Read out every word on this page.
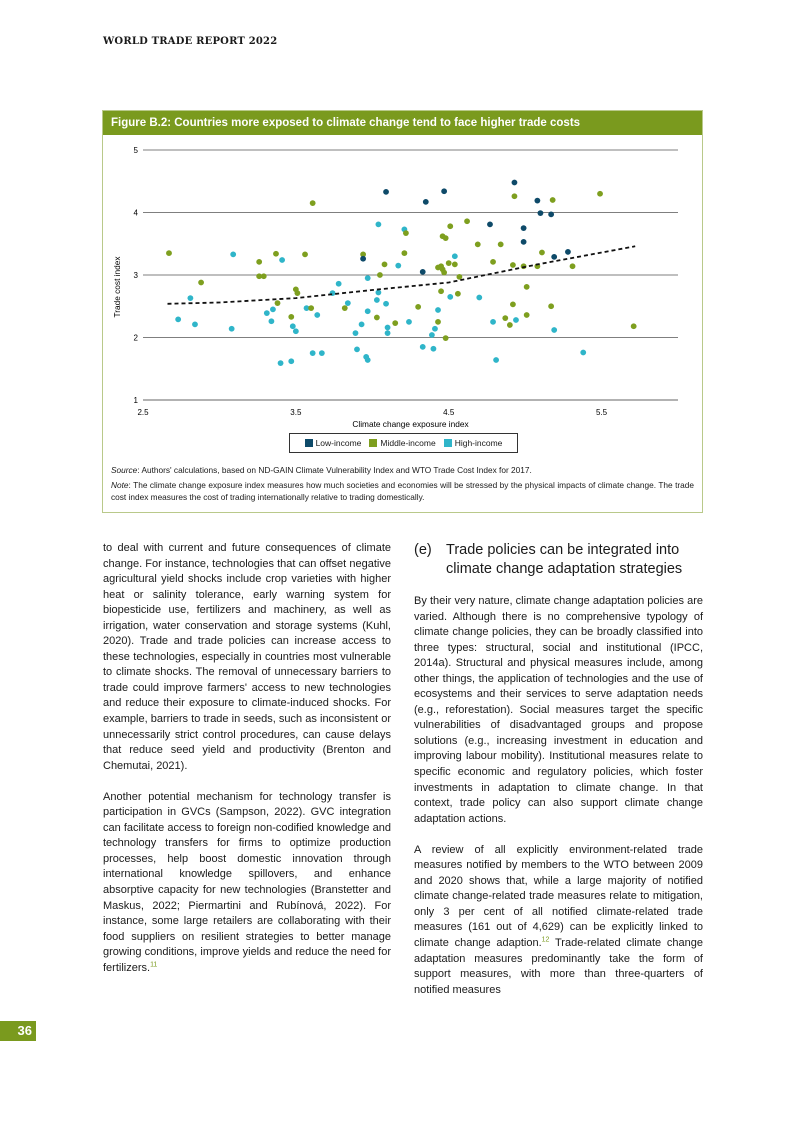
WORLD TRADE REPORT 2022
Figure B.2: Countries more exposed to climate change tend to face higher trade costs
1
2
3
4
5
2.5	3.5	4.5	5.5
Climate change exposure index
Trade cost index
Low-income Middle-income High-income

Source: Authors' calculations, based on ND-GAIN Climate Vulnerability Index and WTO Trade Cost Index for 2017.

Note: The climate change exposure index measures how much societies and economies will be stressed by the physical impacts of climate change. The trade cost index measures the cost of trading internationally relative to trading domestically.

to deal with current and future consequences of climate change. For instance, technologies that can offset negative agricultural yield shocks include crop varieties with higher heat or salinity tolerance, early warning system for biopesticide use, fertilizers and machinery, as well as irrigation, water conservation and storage systems (Kuhl, 2020). Trade and trade policies can increase access to these technologies, especially in countries most vulnerable to climate shocks. The removal of unnecessary barriers to trade could improve farmers' access to new technologies and reduce their exposure to climate-induced shocks. For example, barriers to trade in seeds, such as inconsistent or unnecessarily strict control procedures, can cause delays that reduce seed yield and productivity (Brenton and Chemutai, 2021).

Another potential mechanism for technology transfer is participation in GVCs (Sampson, 2022). GVC integration can facilitate access to foreign non-codified knowledge and technology transfers for firms to optimize production processes, help boost domestic innovation through international knowledge spillovers, and enhance absorptive capacity for new technologies (Branstetter and Maskus, 2022; Piermartini and Rubínová, 2022). For instance, some large retailers are collaborating with their food suppliers on resilient strategies to better manage growing conditions, improve yields and reduce the need for fertilizers.$^{11}$

(e) Trade policies can be integrated into climate change adaptation strategies

By their very nature, climate change adaptation policies are varied. Although there is no comprehensive typology of climate change policies, they can be broadly classified into three types: structural, social and institutional (IPCC, 2014a). Structural and physical measures include, among other things, the application of technologies and the use of ecosystems and their services to serve adaptation needs (e.g., reforestation). Social measures target the specific vulnerabilities of disadvantaged groups and propose solutions (e.g., increasing investment in education and improving labour mobility). Institutional measures relate to specific economic and regulatory policies, which foster investments in adaptation to climate change. In that context, trade policy can also support climate change adaptation actions.

A review of all explicitly environment-related trade measures notified by members to the WTO between 2009 and 2020 shows that, while a large majority of notified climate change-related trade measures relate to mitigation, only 3 per cent of all notified climate-related trade measures (161 out of 4,629) can be explicitly linked to climate change adaption.$^{12}$ Trade-related climate change adaptation measures predominantly take the form of support measures, with more than three-quarters of notified measures

36
